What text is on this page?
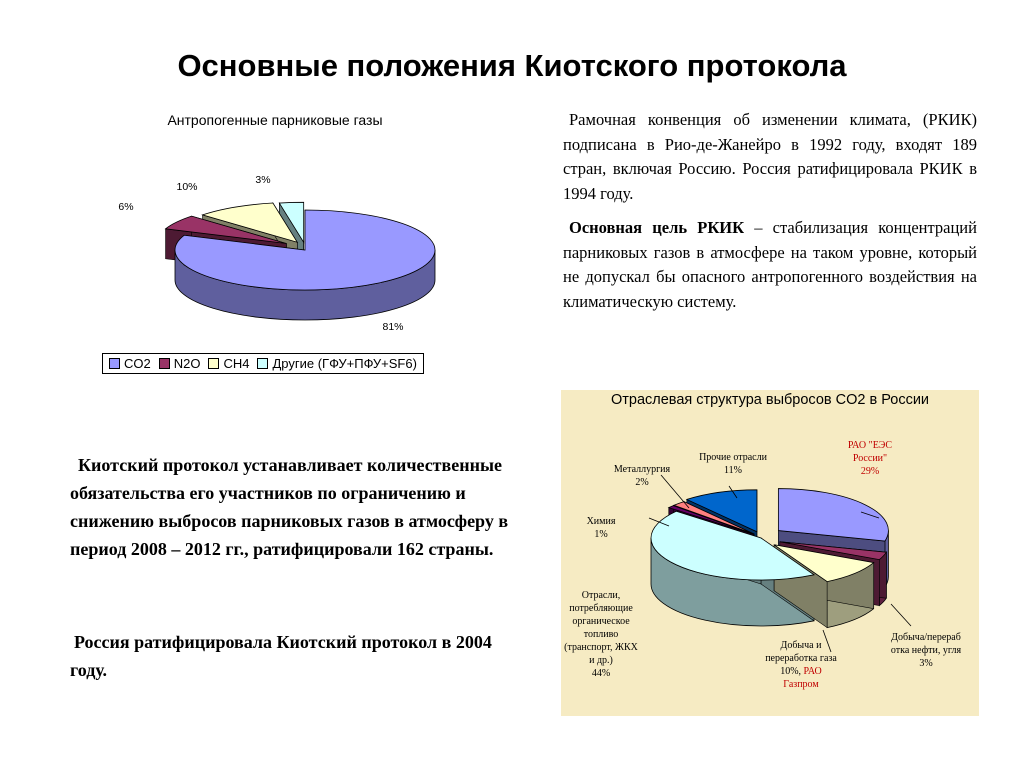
Основные положения Киотского протокола
Антропогенные парниковые газы
81%
6%
10%
3%
CO2 N2O CH4 Другие (ГФУ+ПФУ+SF6)
Рамочная конвенция об изменении климата, (РКИК) подписана в Рио-де-Жанейро в 1992 году, входят 189 стран, включая Россию. Россия ратифицировала РКИК в 1994 году.
Основная цель РКИК – стабилизация концентраций парниковых газов в атмосфере на таком уровне, который не допускал бы опасного антропогенного воздействия на климатическую систему.
Киотский протокол устанавливает количественные обязательства его участников по ограничению и снижению выбросов парниковых газов в атмосферу в период 2008 – 2012 гг., ратифицировали 162 страны.
Россия ратифицировала Киотский протокол в 2004 году.
Отраслевая структура выбросов CO2 в России
РАО "ЕЭС
России"
29%
Добыча/перераб
отка нефти, угля
3%
Добыча и
переработка газа
10%, РАО
Газпром
Отрасли,
потребляющие
органическое
топливо
(транспорт, ЖКХ
и др.)
44%
Химия
1%
Металлургия
2%
Прочие отрасли
11%
